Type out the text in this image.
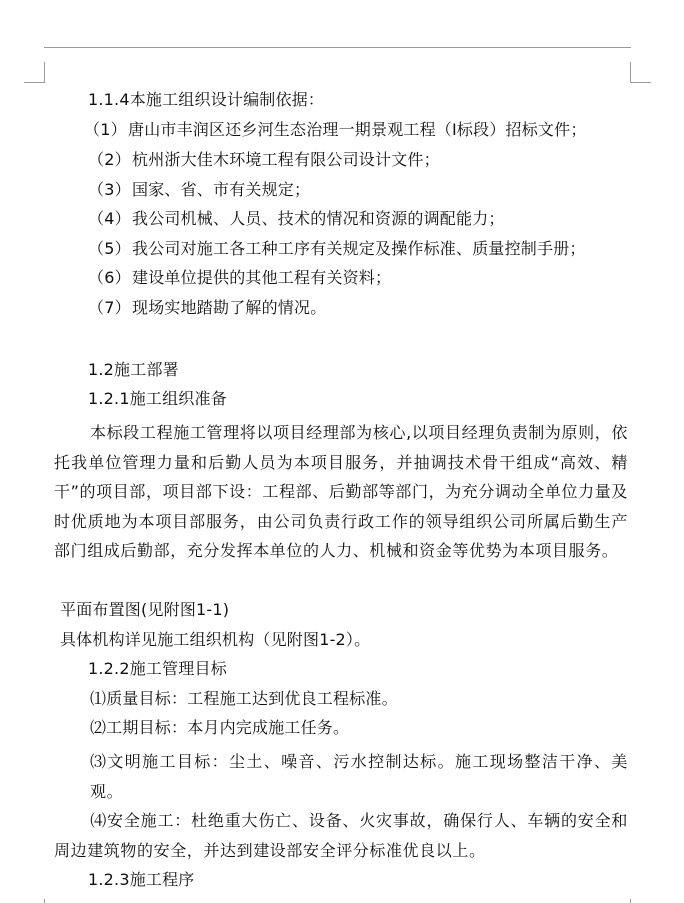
1.1.4本施工组织设计编制依据：
（1）唐山市丰润区还乡河生态治理一期景观工程（Ⅰ标段）招标文件；
（2）杭州浙大佳木环境工程有限公司设计文件；
（3）国家、省、市有关规定；
（4）我公司机械、人员、技术的情况和资源的调配能力；
（5）我公司对施工各工种工序有关规定及操作标准、质量控制手册；
（6）建设单位提供的其他工程有关资料；
（7）现场实地踏勘了解的情况。
1.2施工部署
1.2.1施工组织准备
本标段工程施工管理将以项目经理部为核心,以项目经理负责制为原则，依托我单位管理力量和后勤人员为本项目服务，并抽调技术骨干组成“高效、精干”的项目部，项目部下设：工程部、后勤部等部门，为充分调动全单位力量及时优质地为本项目部服务，由公司负责行政工作的领导组织公司所属后勤生产部门组成后勤部，充分发挥本单位的人力、机械和资金等优势为本项目服务。
平面布置图(见附图1-1)
具体机构详见施工组织机构（见附图1-2）。
1.2.2施工管理目标
⑴质量目标：工程施工达到优良工程标准。
⑵工期目标：本月内完成施工任务。
⑶文明施工目标：尘土、噪音、污水控制达标。施工现场整洁干净、美观。
⑷安全施工：杜绝重大伤亡、设备、火灾事故，确保行人、车辆的安全和周边建筑物的安全，并达到建设部安全评分标准优良以上。
1.2.3施工程序
